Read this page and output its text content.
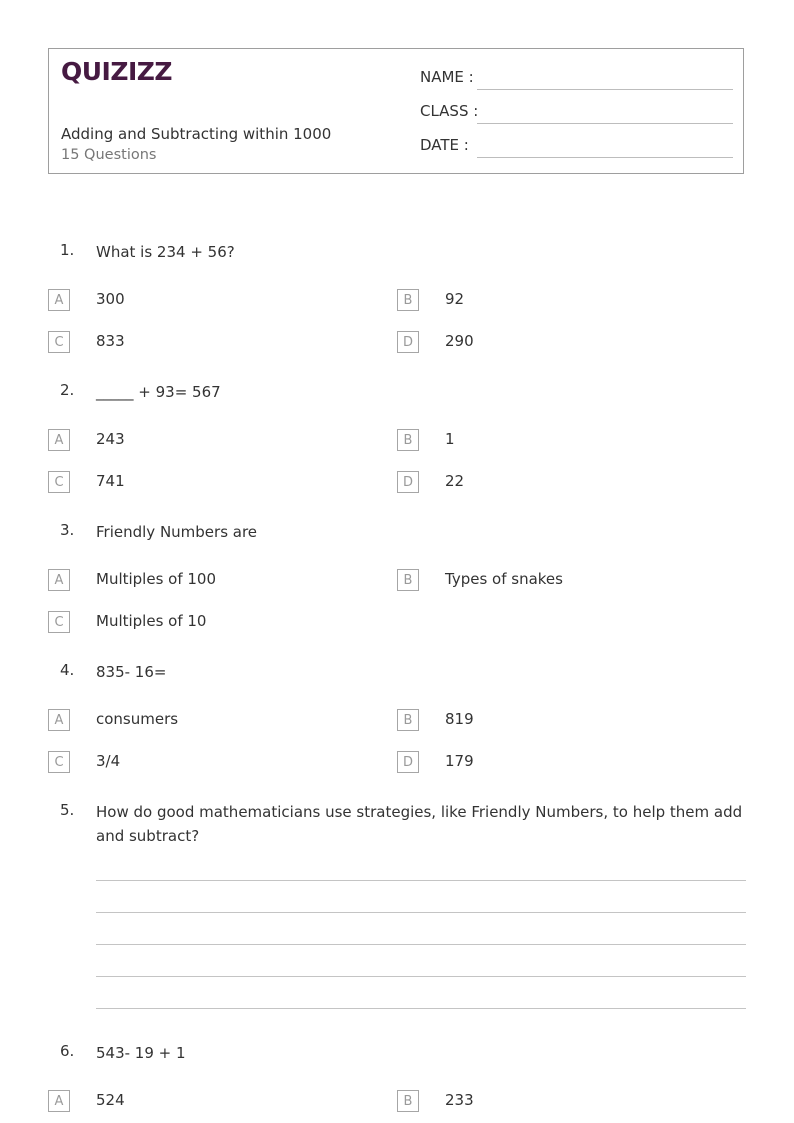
QUIZIZZ
Adding and Subtracting within 1000
15 Questions
NAME :
CLASS :
DATE :
1. What is 234 + 56?
A	300	B	92
C	833	D	290
2. _____ + 93= 567
A	243	B	1
C	741	D	22
3. Friendly Numbers are
A	Multiples of 100	B	Types of snakes
C	Multiples of 10
4. 835- 16=
A	consumers	B	819
C	3/4	D	179
5. How do good mathematicians use strategies, like Friendly Numbers, to help them add and subtract?
6. 543- 19 + 1
A	524	B	233
